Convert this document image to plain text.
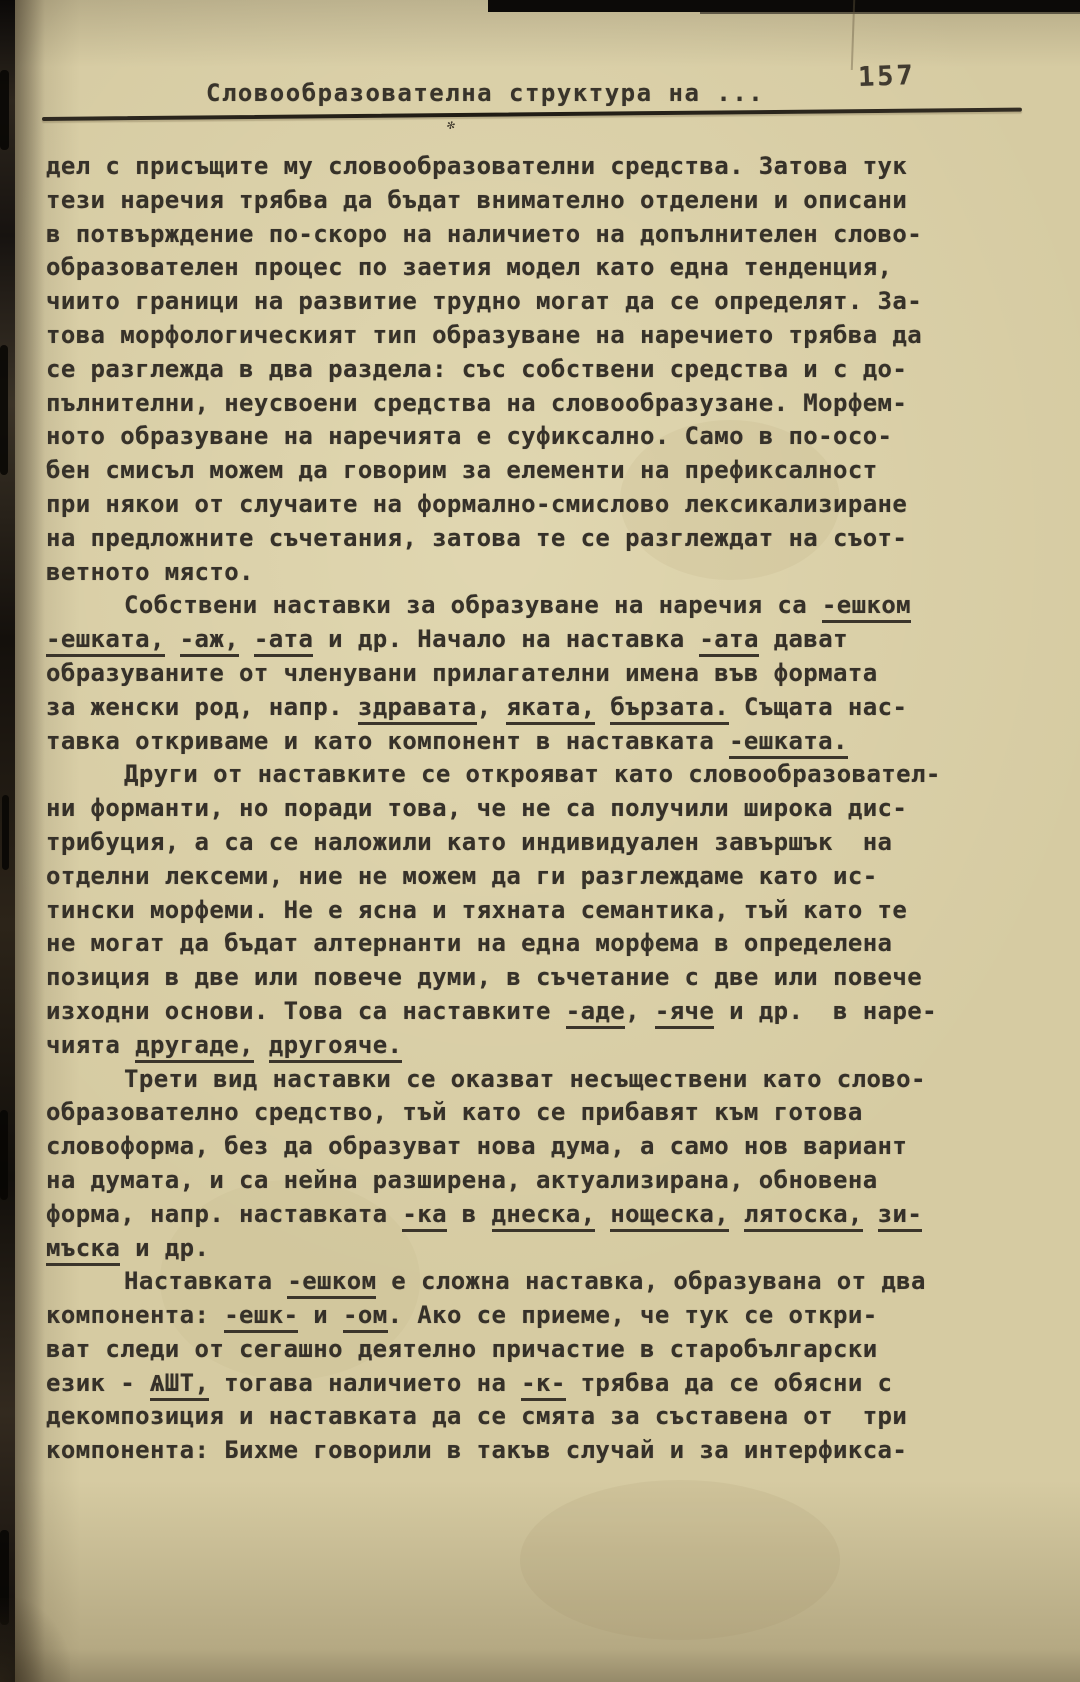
Словообразователна структура на ...
157
✻
дел с присъщите му словообразователни средства. Затова тук
тези наречия трябва да бъдат внимателно отделени и описани
в потвърждение по-скоро на наличието на допълнителен слово-
образователен процес по заетия модел като една тенденция,
чиито граници на развитие трудно могат да се определят. За-
това морфологическият тип образуване на наречието трябва да
се разглежда в два раздела: със собствени средства и с до-
пълнителни, неусвоени средства на словообразузане. Морфем-
ното образуване на наречията е суфиксално. Само в по-осо-
бен смисъл можем да говорим за елементи на префиксалност
при някои от случаите на формално-смислово лексикализиране
на предложните съчетания, затова те се разглеждат на съот-
ветното място.
Собствени наставки за образуване на наречия са -ешком
-ешката, -аж, -ата и др. Начало на наставка -ата дават
образуваните от членувани прилагателни имена във формата
за женски род, напр. здравата, яката, бързата. Същата нас-
тавка откриваме и като компонент в наставката -ешката.
Други от наставките се открояват като словообразовател-
ни форманти, но поради това, че не са получили широка дис-
трибуция, а са се наложили като индивидуален завършък  на
отделни лексеми, ние не можем да ги разглеждаме като ис-
тински морфеми. Не е ясна и тяхната семантика, тъй като те
не могат да бъдат алтернанти на една морфема в определена
позиция в две или повече думи, в съчетание с две или повече
изходни основи. Това са наставките -аде, -яче и др.  в наре-
чията другаде, другояче.
Трети вид наставки се оказват несъществени като слово-
образователно средство, тъй като се прибавят към готова
словоформа, без да образуват нова дума, а само нов вариант
на думата, и са нейна разширена, актуализирана, обновена
форма, напр. наставката -ка в днеска, нощеска, лятоска, зи-
мъска и др.
Наставката -ешком е сложна наставка, образувана от два
компонента: -ешк- и -ом. Ако се приеме, че тук се откри-
ват следи от сегашно деятелно причастие в старобългарски
език - ѦШТ, тогава наличието на -к- трябва да се обясни с
декомпозиция и наставката да се смята за съставена от  три
компонента: Бихме говорили в такъв случай и за интерфикса-
